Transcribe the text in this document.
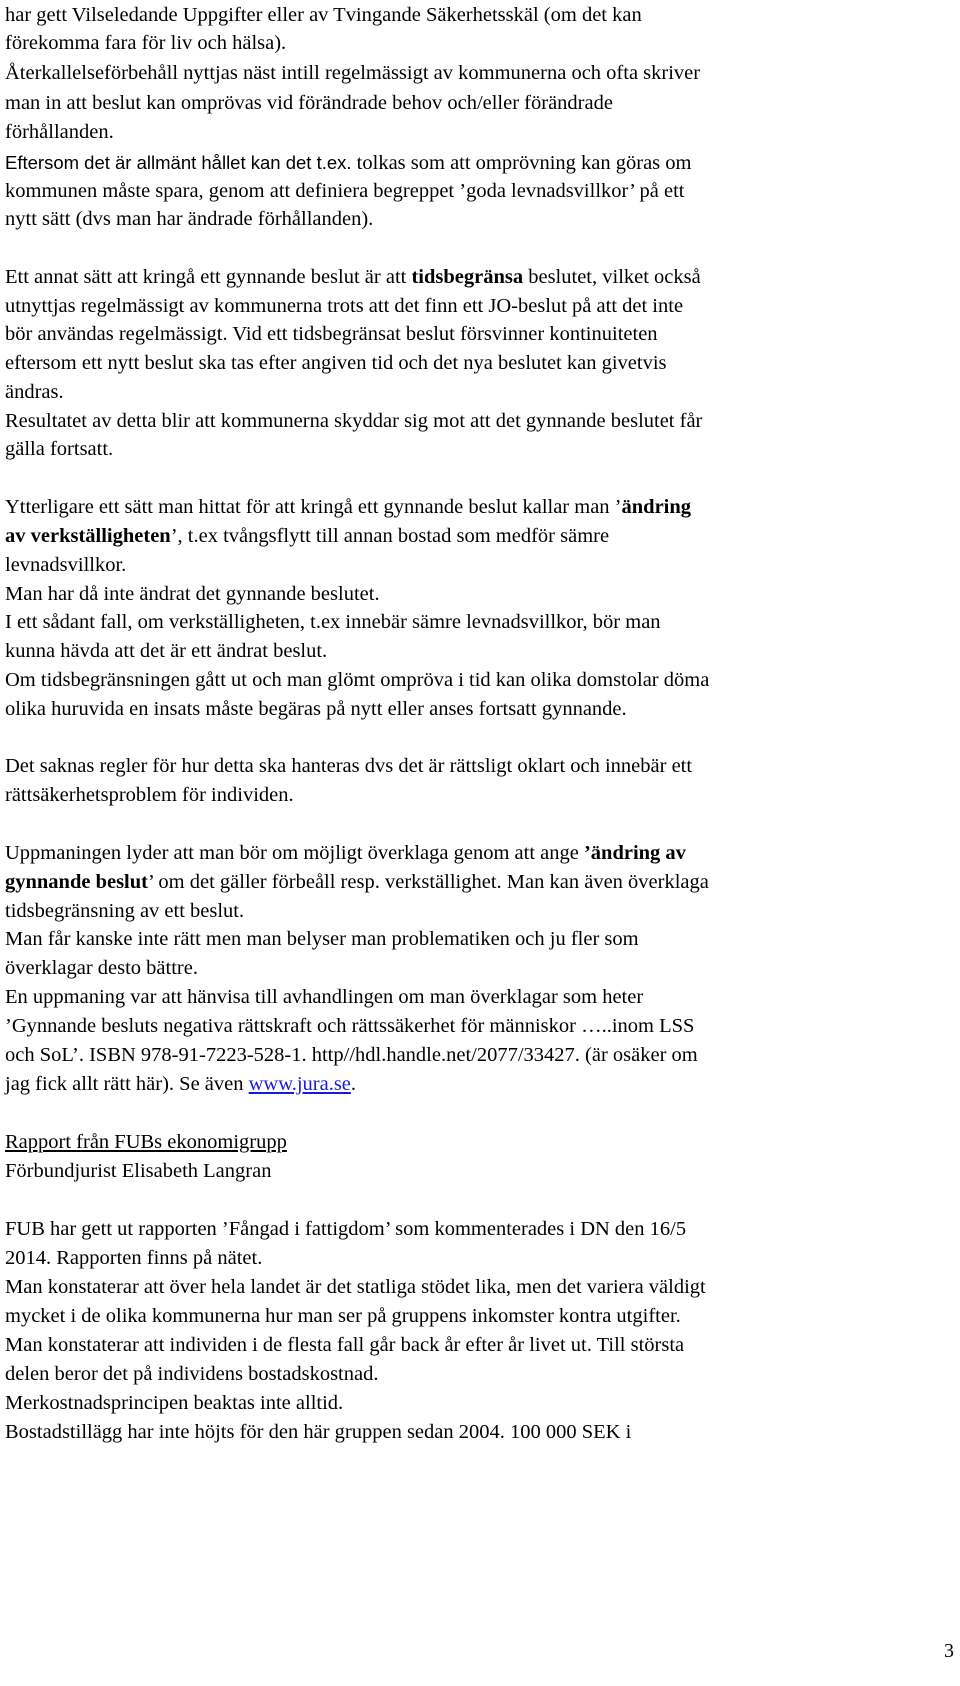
har gett Vilseledande Uppgifter eller av Tvingande Säkerhetsskäl (om det kan
förekomma fara för liv och hälsa).
Återkallelseförbehåll nyttjas näst intill regelmässigt av kommunerna och ofta skriver
man in att beslut kan omprövas vid förändrade behov och/eller förändrade
förhållanden.
Eftersom det är allmänt hållet kan det t.ex. tolkas som att omprövning kan göras om
kommunen måste spara, genom att definiera begreppet ’goda levnadsvillkor’ på ett
nytt sätt (dvs man har ändrade förhållanden).
Ett annat sätt att kringå ett gynnande beslut är att tidsbegränsa beslutet, vilket också
utnyttjas regelmässigt av kommunerna trots att det finn ett JO-beslut på att det inte
bör användas regelmässigt. Vid ett tidsbegränsat beslut försvinner kontinuiteten
eftersom ett nytt beslut ska tas efter angiven tid och det nya beslutet kan givetvis
ändras.
Resultatet av detta blir att kommunerna skyddar sig mot att det gynnande beslutet får
gälla fortsatt.
Ytterligare ett sätt man hittat för att kringå ett gynnande beslut kallar man ’ändring
av verkställigheten’, t.ex tvångsflytt till annan bostad som medför sämre
levnadsvillkor.
Man har då inte ändrat det gynnande beslutet.
I ett sådant fall, om verkställigheten, t.ex innebär sämre levnadsvillkor, bör man
kunna hävda att det är ett ändrat beslut.
Om tidsbegränsningen gått ut och man glömt ompröva i tid kan olika domstolar döma
olika huruvida en insats måste begäras på nytt eller anses fortsatt gynnande.
Det saknas regler för hur detta ska hanteras dvs det är rättsligt oklart och innebär ett
rättsäkerhetsproblem för individen.
Uppmaningen lyder att man bör om möjligt överklaga genom att ange ’ändring av
gynnande beslut’ om det gäller förbeåll resp. verkställighet. Man kan även överklaga
tidsbegränsning av ett beslut.
Man får kanske inte rätt men man belyser man problematiken och ju fler som
överklagar desto bättre.
En uppmaning var att hänvisa till avhandlingen om man överklagar som heter
’Gynnande besluts negativa rättskraft och rättssäkerhet för människor …..inom LSS
och SoL’. ISBN 978-91-7223-528-1. http//hdl.handle.net/2077/33427. (är osäker om
jag fick allt rätt här). Se även www.jura.se.
Rapport från FUBs ekonomigrupp
Förbundjurist Elisabeth Langran
FUB har gett ut rapporten ’Fångad i fattigdom’ som kommenterades i DN den 16/5
2014. Rapporten finns på nätet.
Man konstaterar att över hela landet är det statliga stödet lika, men det variera väldigt
mycket i de olika kommunerna hur man ser på gruppens inkomster kontra utgifter.
Man konstaterar att individen i de flesta fall går back år efter år livet ut. Till största
delen beror det på individens bostadskostnad.
Merkostnadsprincipen beaktas inte alltid.
Bostadstillägg har inte höjts för den här gruppen sedan 2004. 100 000 SEK i
3
